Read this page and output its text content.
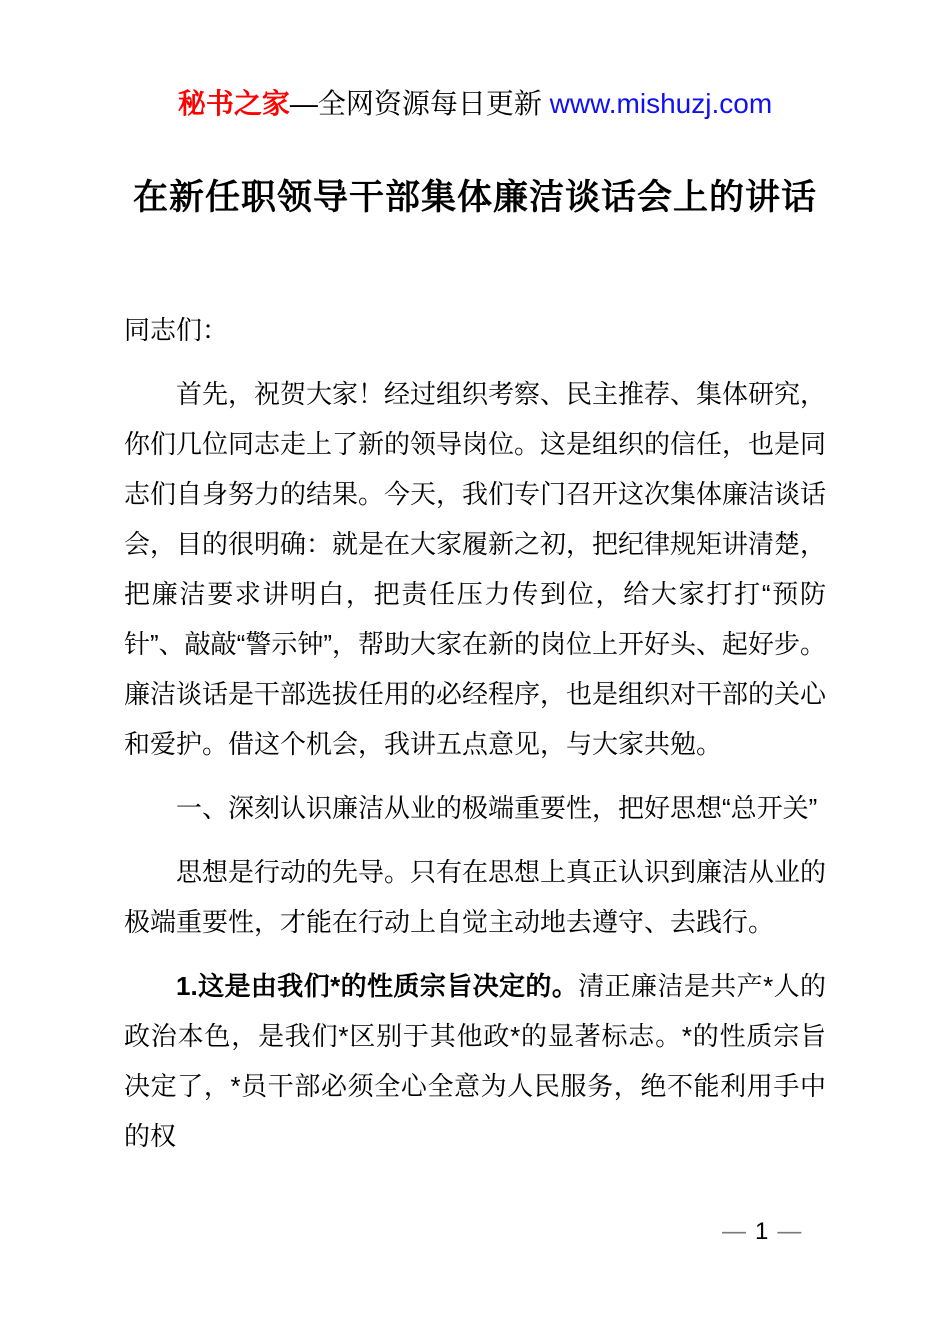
秘书之家—全网资源每日更新 www.mishuzj.com
在新任职领导干部集体廉洁谈话会上的讲话

同志们：

首先，祝贺大家！经过组织考察、民主推荐、集体研究，你们几位同志走上了新的领导岗位。这是组织的信任，也是同志们自身努力的结果。今天，我们专门召开这次集体廉洁谈话会，目的很明确：就是在大家履新之初，把纪律规矩讲清楚，把廉洁要求讲明白，把责任压力传到位，给大家打打“预防针”、敲敲“警示钟”，帮助大家在新的岗位上开好头、起好步。廉洁谈话是干部选拔任用的必经程序，也是组织对干部的关心和爱护。借这个机会，我讲五点意见，与大家共勉。

一、深刻认识廉洁从业的极端重要性，把好思想“总开关”

思想是行动的先导。只有在思想上真正认识到廉洁从业的极端重要性，才能在行动上自觉主动地去遵守、去践行。

1.这是由我们*的性质宗旨决定的。清正廉洁是共产*人的政治本色，是我们*区别于其他政*的显著标志。*的性质宗旨决定了，*员干部必须全心全意为人民服务，绝不能利用手中的权

— 1 —
